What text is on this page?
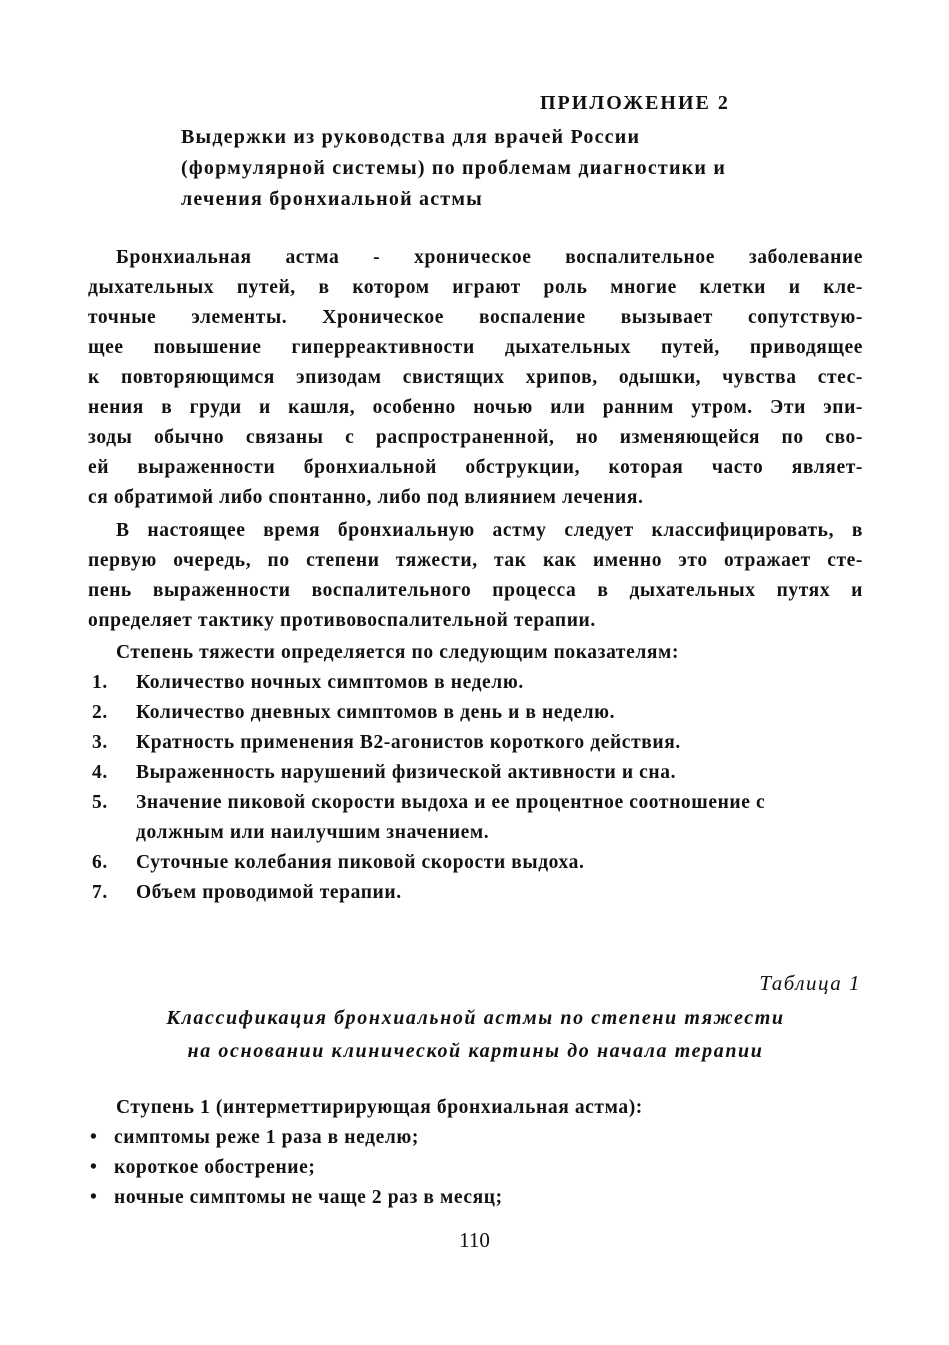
ПРИЛОЖЕНИЕ 2
Выдержки из руководства для врачей России
(формулярной системы) по проблемам диагностики и
лечения бронхиальной астмы
Бронхиальная астма - хроническое воспалительное заболевание
дыхательных путей, в котором играют роль многие клетки и кле-
точные элементы. Хроническое воспаление вызывает сопутствую-
щее повышение гиперреактивности дыхательных путей, приводящее
к повторяющимся эпизодам свистящих хрипов, одышки, чувства стес-
нения в груди и кашля, особенно ночью или ранним утром. Эти эпи-
зоды обычно связаны с распространенной, но изменяющейся по сво-
ей выраженности бронхиальной обструкции, которая часто являет-
ся обратимой либо спонтанно, либо под влиянием лечения.
В настоящее время бронхиальную астму следует классифицировать, в
первую очередь, по степени тяжести, так как именно это отражает сте-
пень выраженности воспалительного процесса в дыхательных путях и
определяет тактику противовоспалительной терапии.
Степень тяжести определяется по следующим показателям:
1.	Количество ночных симптомов в неделю.
2.	Количество дневных симптомов в день и в неделю.
3.	Кратность применения В2-агонистов короткого действия.
4.	Выраженность нарушений физической активности и сна.
5.	Значение пиковой скорости выдоха и ее процентное соотношение с
должным или наилучшим значением.
6.	Суточные колебания пиковой скорости выдоха.
7.	Объем проводимой терапии.
Таблица 1
Классификация бронхиальной астмы по степени тяжести
на основании клинической картины до начала терапии
Ступень 1 (интерметтирирующая бронхиальная астма):
• симптомы реже 1 раза в неделю;
• короткое обострение;
• ночные симптомы не чаще 2 раз в месяц;
110
